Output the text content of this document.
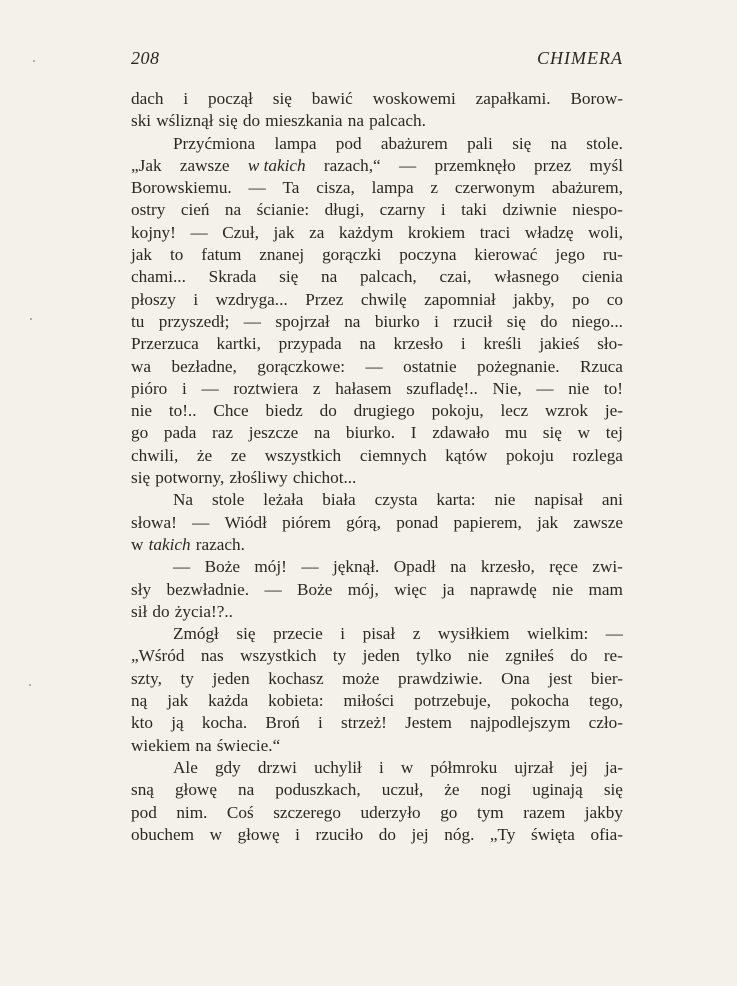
208	CHIMERA
dach i począł się bawić woskowemi zapałkami. Borow-
ski wśliznął się do mieszkania na palcach.
Przyćmiona lampa pod abażurem pali się na stole.
„Jak zawsze w takich razach,“ — przemknęło przez myśl
Borowskiemu. — Ta cisza, lampa z czerwonym abażurem,
ostry cień na ścianie: długi, czarny i taki dziwnie niespo-
kojny! — Czuł, jak za każdym krokiem traci władzę woli,
jak to fatum znanej gorączki poczyna kierować jego ru-
chami... Skrada się na palcach, czai, własnego cienia
płoszy i wzdryga... Przez chwilę zapomniał jakby, po co
tu przyszedł; — spojrzał na biurko i rzucił się do niego...
Przerzuca kartki, przypada na krzesło i kreśli jakieś sło-
wa bezładne, gorączkowe: — ostatnie pożegnanie. Rzuca
pióro i — roztwiera z hałasem szufladę!.. Nie, — nie to!
nie to!.. Chce biedz do drugiego pokoju, lecz wzrok je-
go pada raz jeszcze na biurko. I zdawało mu się w tej
chwili, że ze wszystkich ciemnych kątów pokoju rozlega
się potworny, złośliwy chichot...
Na stole leżała biała czysta karta: nie napisał ani
słowa! — Wiódł piórem górą, ponad papierem, jak zawsze
w takich razach.
— Boże mój! — jęknął. Opadł na krzesło, ręce zwi-
sły bezwładnie. — Boże mój, więc ja naprawdę nie mam
sił do życia!?..
Zmógł się przecie i pisał z wysiłkiem wielkim: —
„Wśród nas wszystkich ty jeden tylko nie zgniłeś do re-
szty, ty jeden kochasz może prawdziwie. Ona jest bier-
ną jak każda kobieta: miłości potrzebuje, pokocha tego,
kto ją kocha. Broń i strzeż! Jestem najpodlejszym czło-
wiekiem na świecie.“
Ale gdy drzwi uchylił i w półmroku ujrzał jej ja-
sną głowę na poduszkach, uczuł, że nogi uginają się
pod nim. Coś szczerego uderzyło go tym razem jakby
obuchem w głowę i rzuciło do jej nóg. „Ty święta ofia-
